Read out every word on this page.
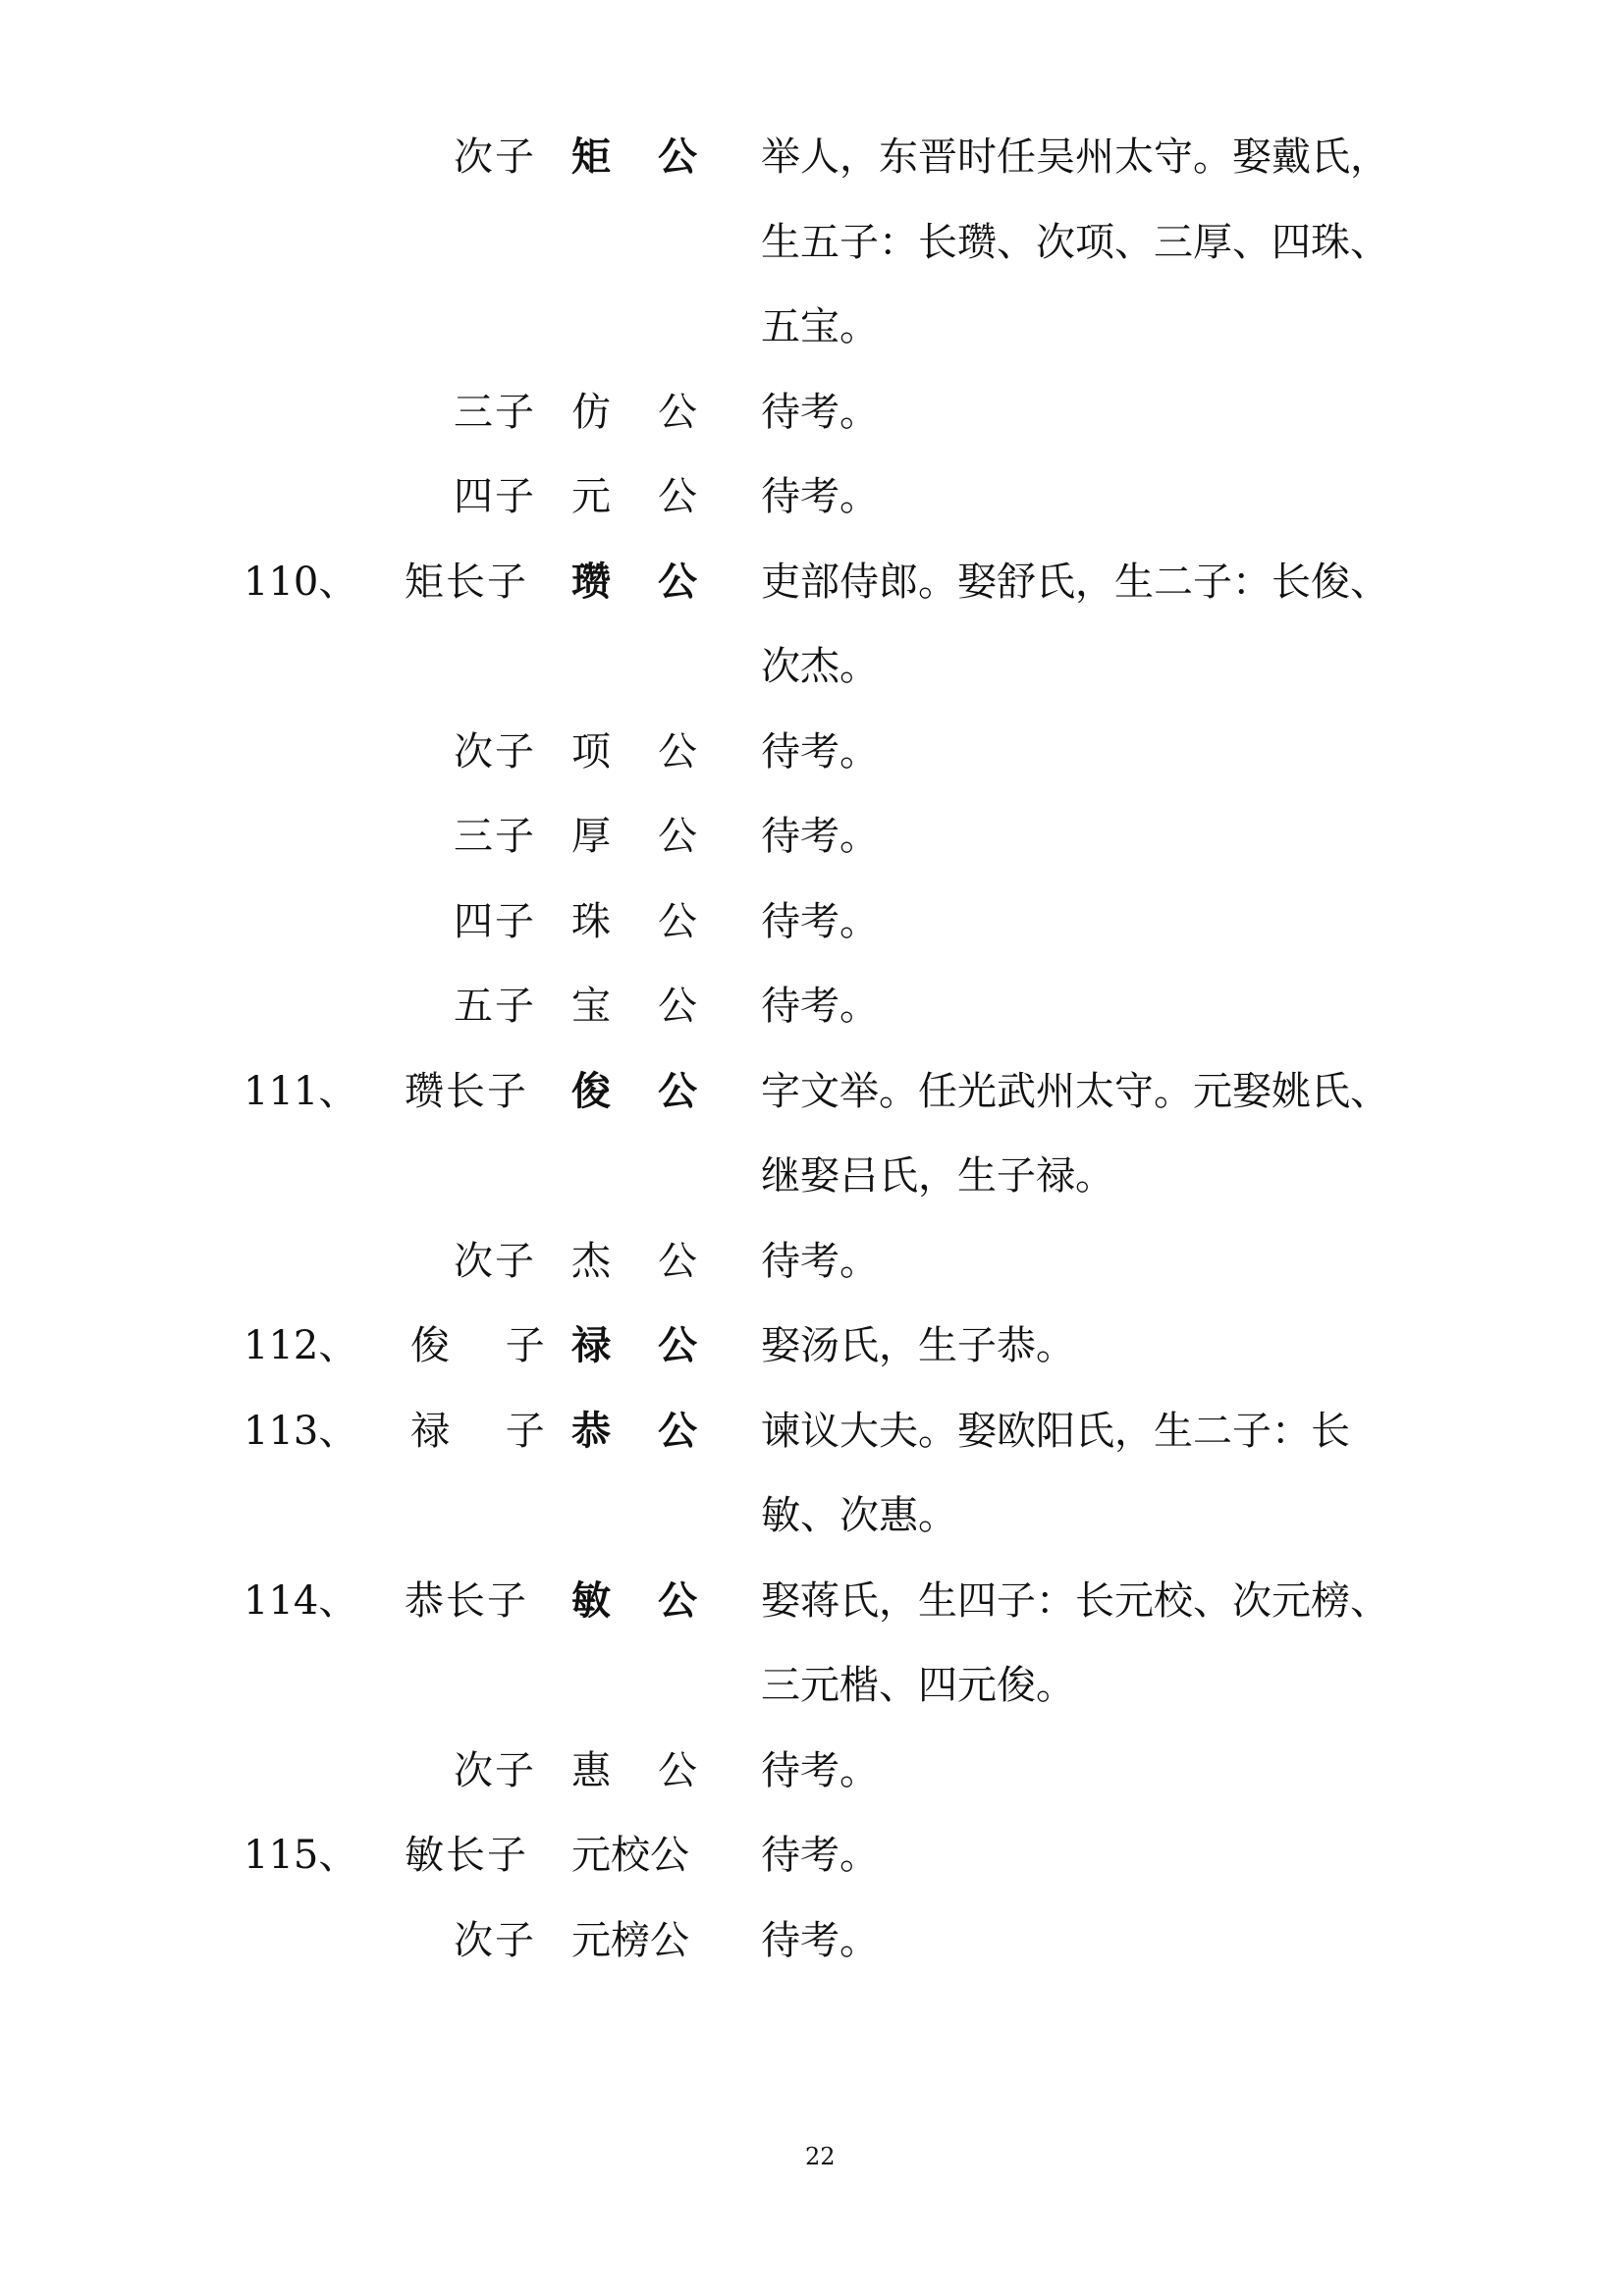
次子 矩 公 举人，东晋时任吴州太守。娶戴氏，
生五子：长瓒、次项、三厚、四珠、
五宝。
三子 仿 公 待考。
四子 元 公 待考。
110、 矩长子 瓒 公 吏部侍郎。娶舒氏，生二子：长俊、
次杰。
次子 项 公 待考。
三子 厚 公 待考。
四子 珠 公 待考。
五子 宝 公 待考。
111、 瓒长子 俊 公 字文举。任光武州太守。元娶姚氏、
继娶吕氏，生子禄。
次子 杰 公 待考。
112、 俊 子 禄 公 娶汤氏，生子恭。
113、 禄 子 恭 公 谏议大夫。娶欧阳氏，生二子：长
敏、次惠。
114、 恭长子 敏 公 娶蒋氏，生四子：长元校、次元榜、
三元楷、四元俊。
次子 惠 公 待考。
115、 敏长子 元校 公 待考。
次子 元榜 公 待考。
22
